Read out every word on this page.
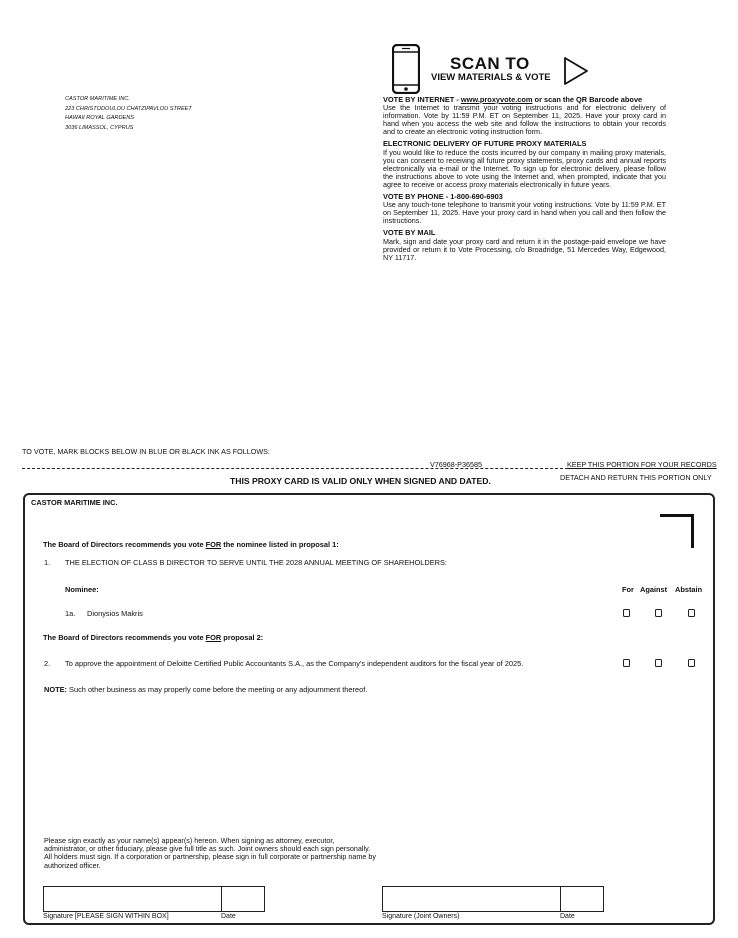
CASTOR MARITIME INC.
223 CHRISTODOULOU CHATZIPAVLOU STREET
HAWAII ROYAL GARDENS
3036 LIMASSOL, CYPRUS
SCAN TO
VIEW MATERIALS & VOTE
VOTE BY INTERNET - www.proxyvote.com or scan the QR Barcode above

Use the Internet to transmit your voting instructions and for electronic delivery of information. Vote by 11:59 P.M. ET on September 11, 2025. Have your proxy card in hand when you access the web site and follow the instructions to obtain your records and to create an electronic voting instruction form.

ELECTRONIC DELIVERY OF FUTURE PROXY MATERIALS

If you would like to reduce the costs incurred by our company in mailing proxy materials, you can consent to receiving all future proxy statements, proxy cards and annual reports electronically via e-mail or the Internet. To sign up for electronic delivery, please follow the instructions above to vote using the Internet and, when prompted, indicate that you agree to receive or access proxy materials electronically in future years.

VOTE BY PHONE - 1-800-690-6903

Use any touch-tone telephone to transmit your voting instructions. Vote by 11:59 P.M. ET on September 11, 2025. Have your proxy card in hand when you call and then follow the instructions.

VOTE BY MAIL

Mark, sign and date your proxy card and return it in the postage-paid envelope we have provided or return it to Vote Processing, c/o Broadridge, 51 Mercedes Way, Edgewood, NY 11717.

TO VOTE, MARK BLOCKS BELOW IN BLUE OR BLACK INK AS FOLLOWS:
V76968-P36585	KEEP THIS PORTION FOR YOUR RECORDS
DETACH AND RETURN THIS PORTION ONLY
THIS PROXY CARD IS VALID ONLY WHEN SIGNED AND DATED.
CASTOR MARITIME INC.
The Board of Directors recommends you vote FOR the nominee listed in proposal 1:
1. THE ELECTION OF CLASS B DIRECTOR TO SERVE UNTIL THE 2028 ANNUAL MEETING OF SHAREHOLDERS:
Nominee:	For Against Abstain
1a. Dionysios Makris
The Board of Directors recommends you vote FOR proposal 2:
2. To approve the appointment of Deloitte Certified Public Accountants S.A., as the Company's independent auditors for the fiscal year of 2025.
NOTE: Such other business as may properly come before the meeting or any adjournment thereof.
Please sign exactly as your name(s) appear(s) hereon. When signing as attorney, executor, administrator, or other fiduciary, please give full title as such. Joint owners should each sign personally. All holders must sign. If a corporation or partnership, please sign in full corporate or partnership name by authorized officer.
Signature [PLEASE SIGN WITHIN BOX]	Date	Signature (Joint Owners)	Date
